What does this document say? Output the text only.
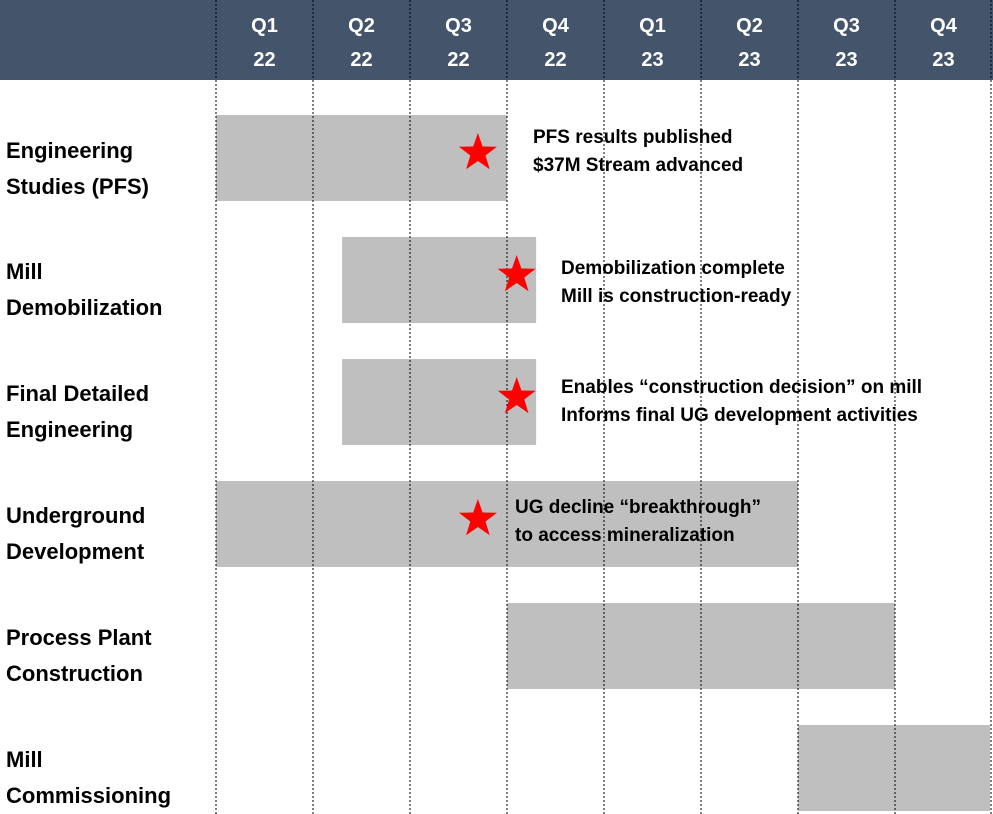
Q1
22
Q2
22
Q3
22
Q4
22
Q1
23
Q2
23
Q3
23
Q4
23
Engineering
Studies (PFS)
Mill
Demobilization
Final Detailed
Engineering
Underground
Development
Process Plant
Construction
Mill
Commissioning
PFS results published
$37M Stream advanced
Demobilization complete
Mill is construction-ready
Enables “construction decision” on mill
Informs final UG development activities
UG decline “breakthrough”
to access mineralization
